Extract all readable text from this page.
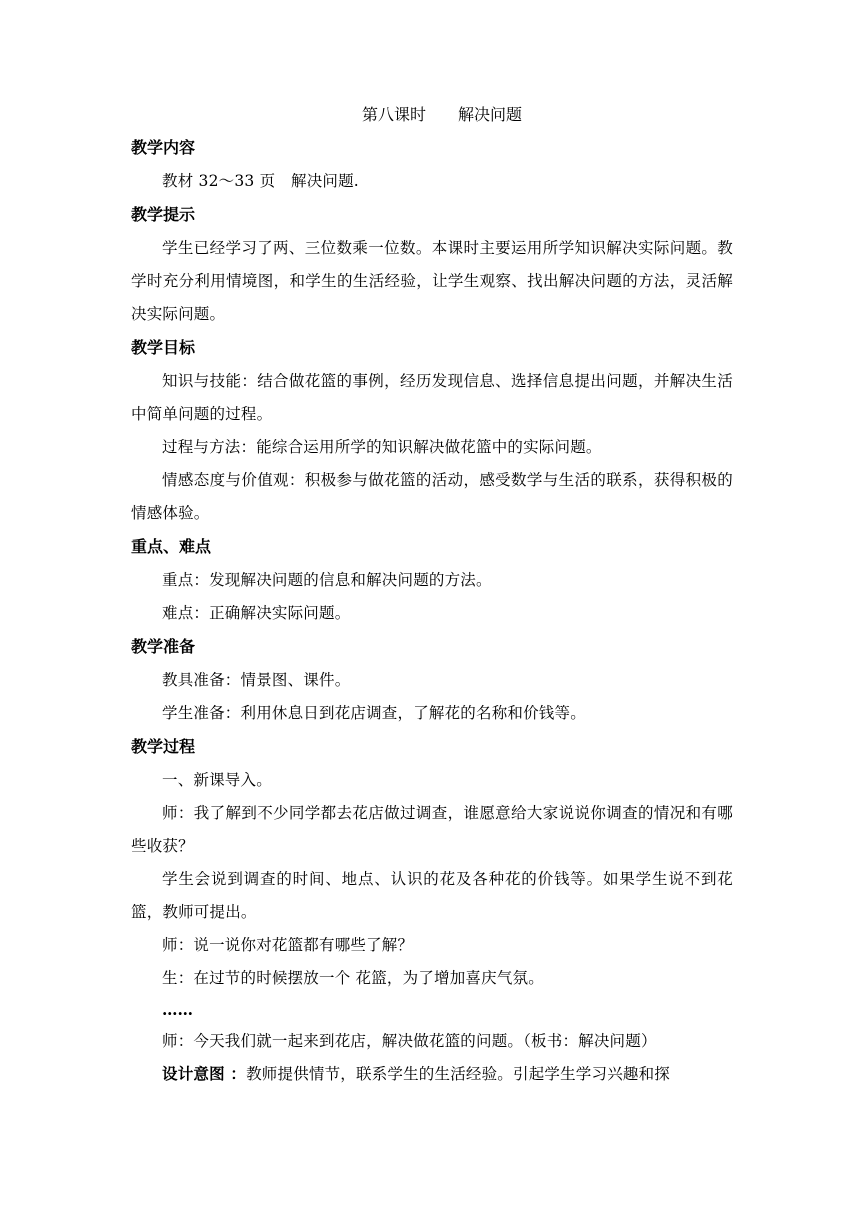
第八课时　　解决问题
教学内容

教材 32～33 页　解决问题.

教学提示

学生已经学习了两、三位数乘一位数。本课时主要运用所学知识解决实际问题。教学时充分利用情境图，和学生的生活经验，让学生观察、找出解决问题的方法，灵活解决实际问题。

教学目标

知识与技能：结合做花篮的事例，经历发现信息、选择信息提出问题，并解决生活中简单问题的过程。

过程与方法：能综合运用所学的知识解决做花篮中的实际问题。

情感态度与价值观：积极参与做花篮的活动，感受数学与生活的联系，获得积极的情感体验。

重点、难点

重点：发现解决问题的信息和解决问题的方法。

难点：正确解决实际问题。

教学准备

教具准备：情景图、课件。

学生准备：利用休息日到花店调查，了解花的名称和价钱等。

教学过程

一、新课导入。

师：我了解到不少同学都去花店做过调查，谁愿意给大家说说你调查的情况和有哪些收获？

学生会说到调查的时间、地点、认识的花及各种花的价钱等。如果学生说不到花篮，教师可提出。

师：说一说你对花篮都有哪些了解？

生：在过节的时候摆放一个 花篮，为了增加喜庆气氛。

……

师：今天我们就一起来到花店，解决做花篮的问题。（板书：解决问题）

设计意图 ：教师提供情节，联系学生的生活经验。引起学生学习兴趣和探
